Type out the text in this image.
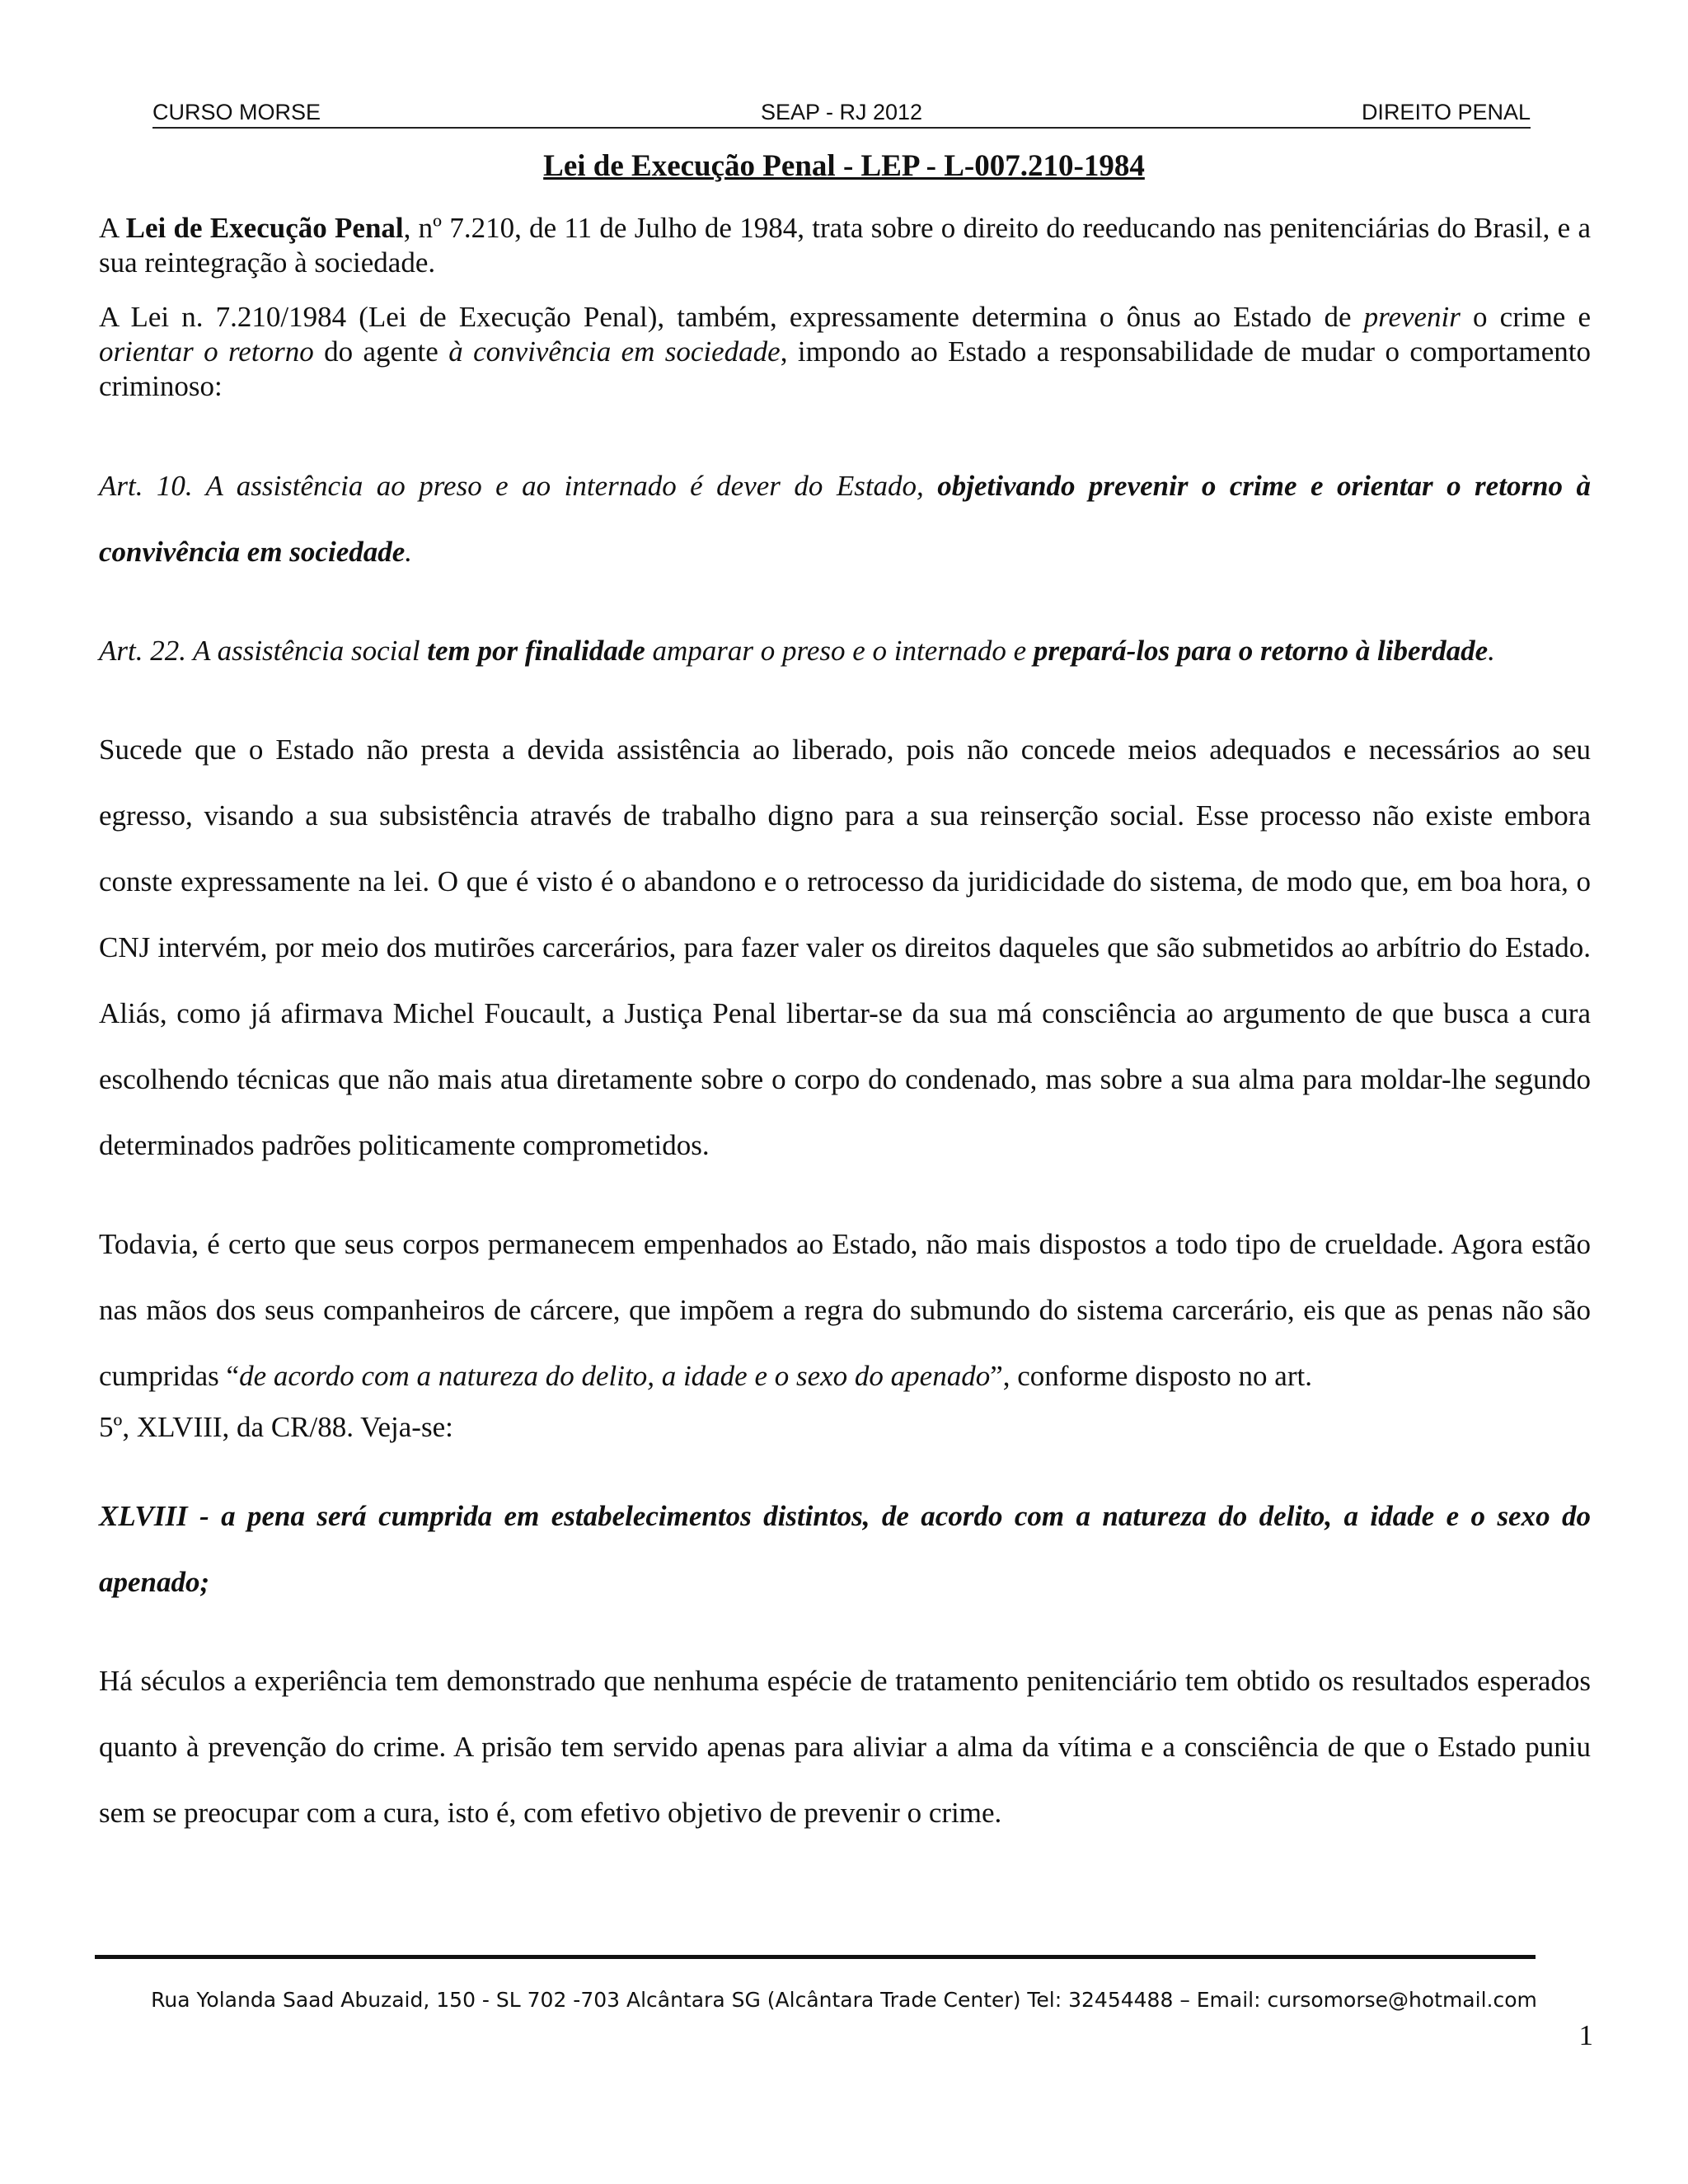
CURSO MORSE	SEAP - RJ 2012	DIREITO PENAL
Lei de Execução Penal - LEP - L-007.210-1984

A Lei de Execução Penal, nº 7.210, de 11 de Julho de 1984, trata sobre o direito do reeducando nas penitenciárias do Brasil, e a sua reintegração à sociedade.

A Lei n. 7.210/1984 (Lei de Execução Penal), também, expressamente determina o ônus ao Estado de prevenir o crime e orientar o retorno do agente à convivência em sociedade, impondo ao Estado a responsabilidade de mudar o comportamento criminoso:

Art. 10. A assistência ao preso e ao internado é dever do Estado, objetivando prevenir o crime e orientar o retorno à convivência em sociedade.

Art. 22. A assistência social tem por finalidade amparar o preso e o internado e prepará-los para o retorno à liberdade.

Sucede que o Estado não presta a devida assistência ao liberado, pois não concede meios adequados e necessários ao seu egresso, visando a sua subsistência através de trabalho digno para a sua reinserção social. Esse processo não existe embora conste expressamente na lei. O que é visto é o abandono e o retrocesso da juridicidade do sistema, de modo que, em boa hora, o CNJ intervém, por meio dos mutirões carcerários, para fazer valer os direitos daqueles que são submetidos ao arbítrio do Estado. Aliás, como já afirmava Michel Foucault, a Justiça Penal libertar-se da sua má consciência ao argumento de que busca a cura escolhendo técnicas que não mais atua diretamente sobre o corpo do condenado, mas sobre a sua alma para moldar-lhe segundo determinados padrões politicamente comprometidos.

Todavia, é certo que seus corpos permanecem empenhados ao Estado, não mais dispostos a todo tipo de crueldade. Agora estão nas mãos dos seus companheiros de cárcere, que impõem a regra do submundo do sistema carcerário, eis que as penas não são cumpridas “de acordo com a natureza do delito, a idade e o sexo do apenado”, conforme disposto no art.
5º, XLVIII, da CR/88. Veja-se:

XLVIII - a pena será cumprida em estabelecimentos distintos, de acordo com a natureza do delito, a idade e o sexo do apenado;

Há séculos a experiência tem demonstrado que nenhuma espécie de tratamento penitenciário tem obtido os resultados esperados quanto à prevenção do crime. A prisão tem servido apenas para aliviar a alma da vítima e a consciência de que o Estado puniu sem se preocupar com a cura, isto é, com efetivo objetivo de prevenir o crime.

Rua Yolanda Saad Abuzaid, 150 - SL 702 -703 Alcântara SG (Alcântara Trade Center) Tel: 32454488 – Email: cursomorse@hotmail.com
1
